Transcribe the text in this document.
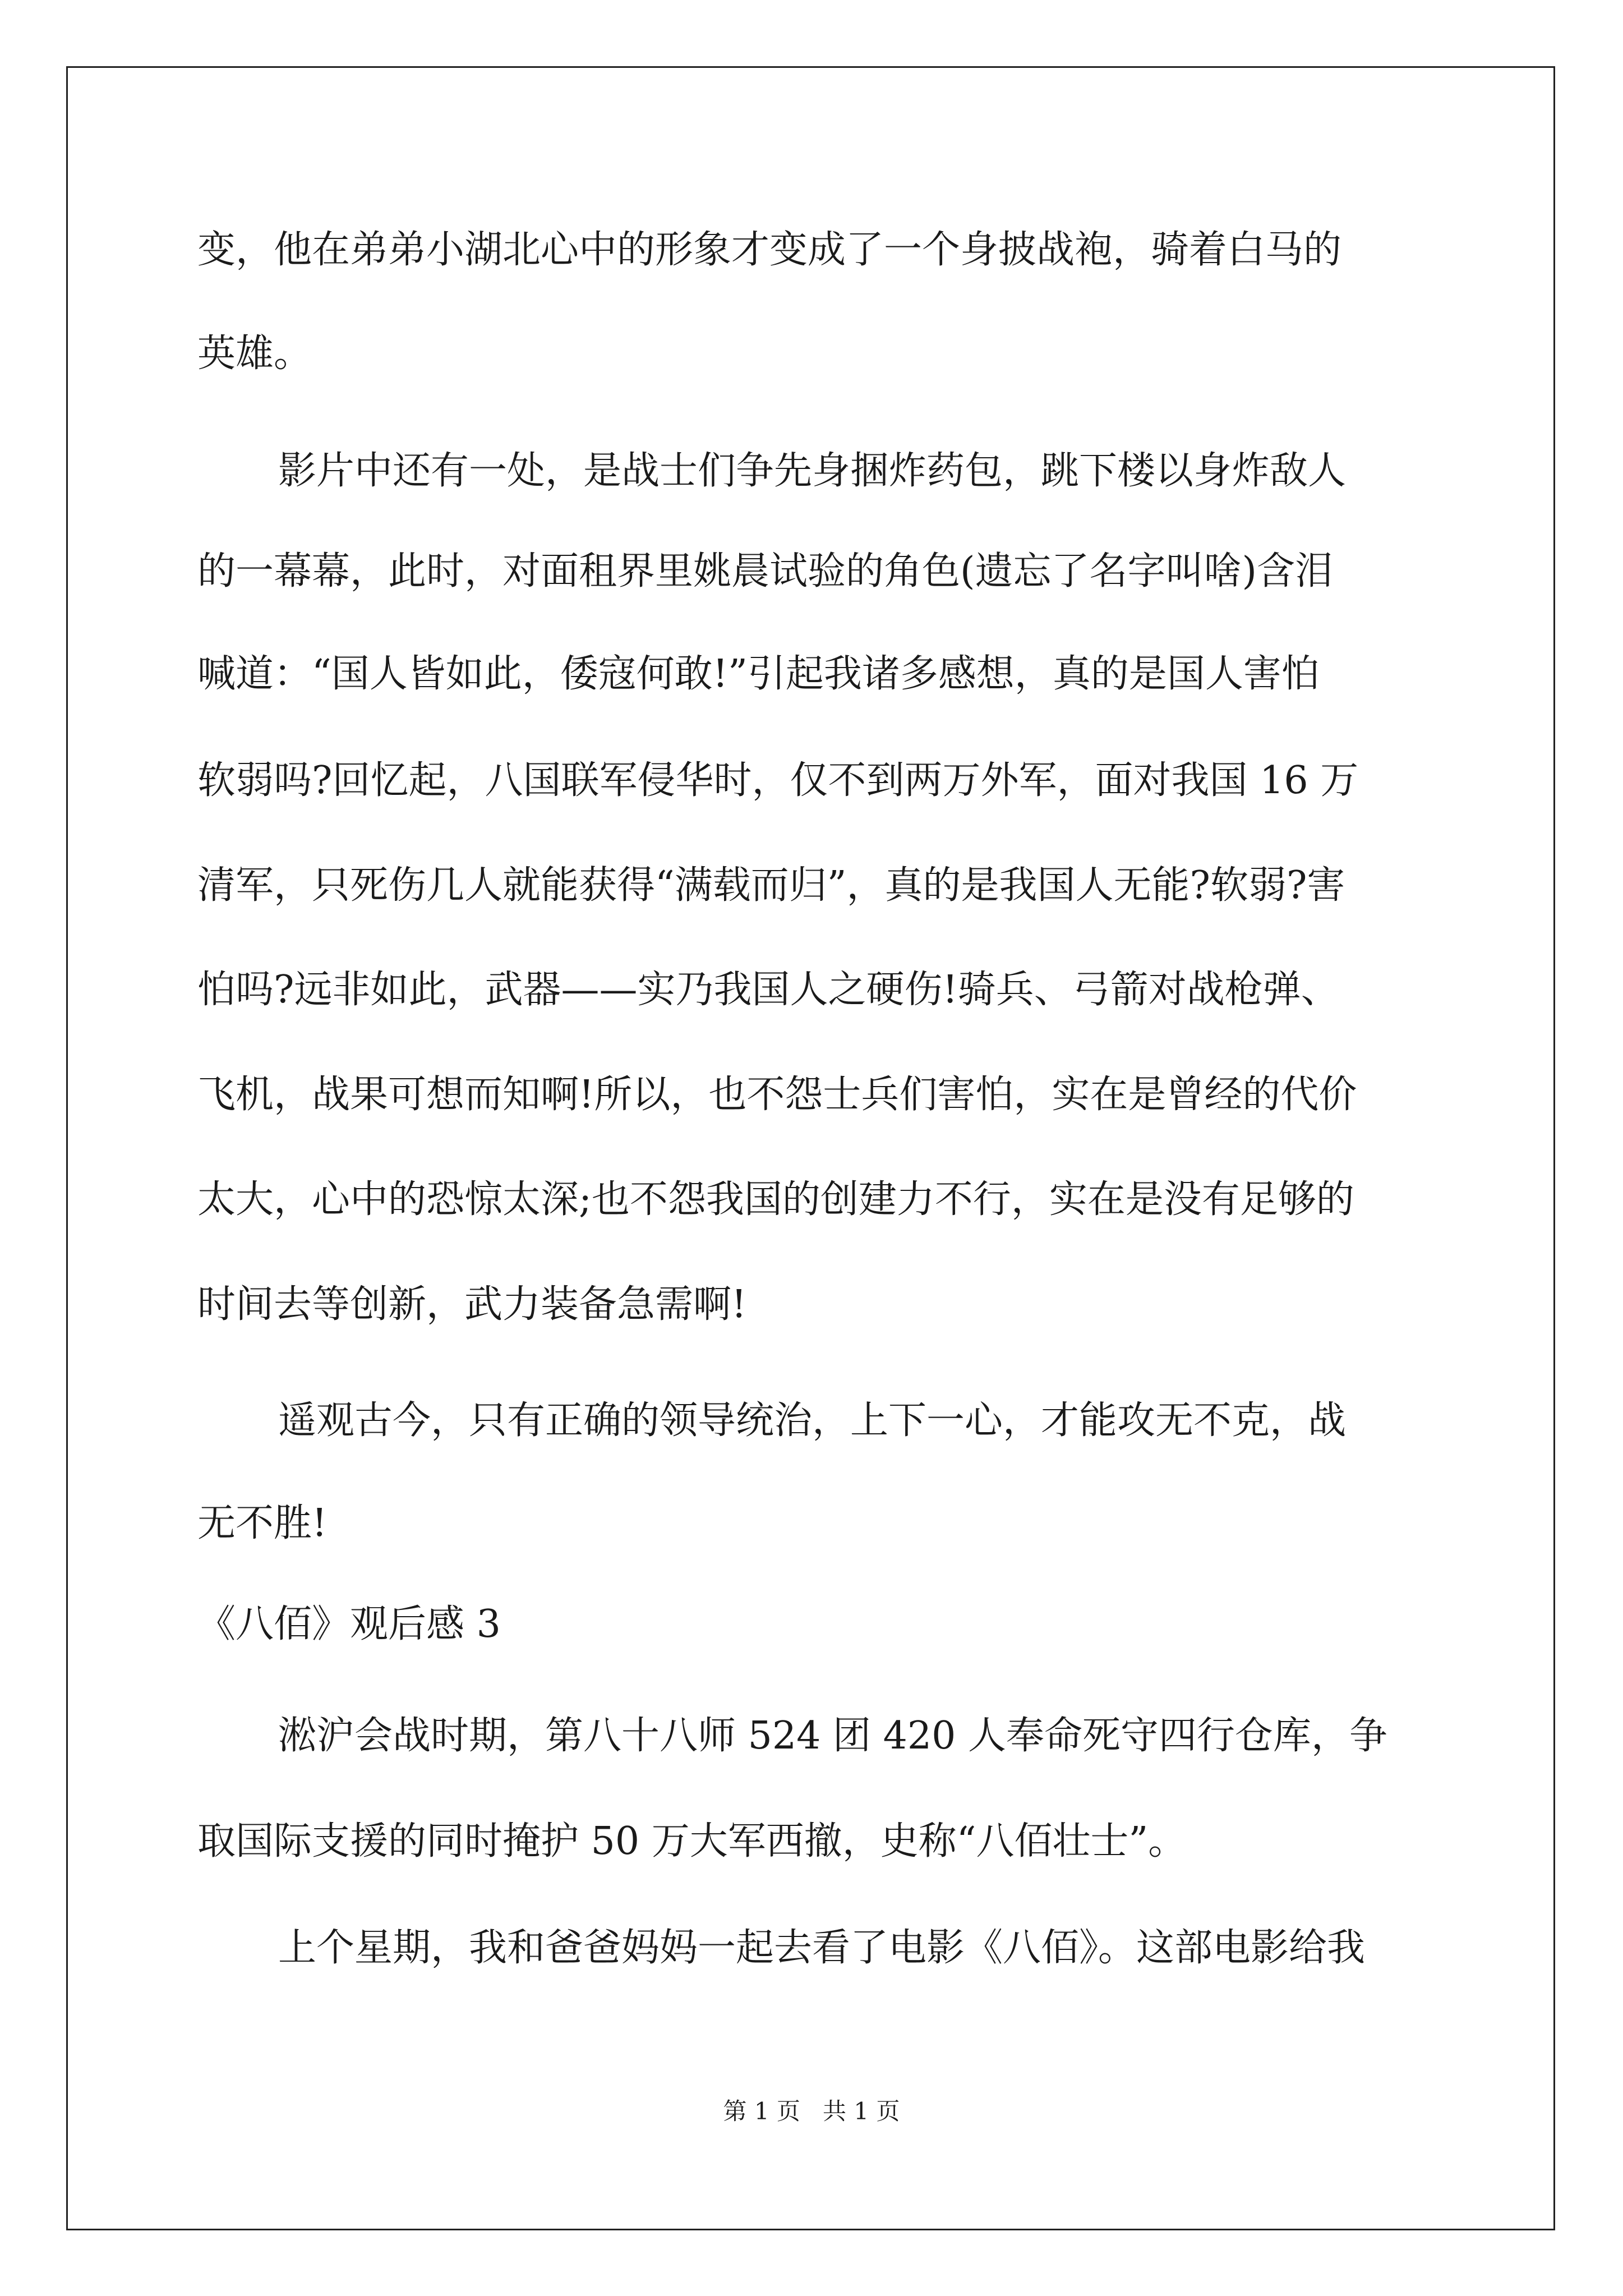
变，他在弟弟小湖北心中的形象才变成了一个身披战袍，骑着白马的
英雄。
影片中还有一处，是战士们争先身捆炸药包，跳下楼以身炸敌人
的一幕幕，此时，对面租界里姚晨试验的角色(遗忘了名字叫啥)含泪
喊道：“国人皆如此，倭寇何敢!”引起我诸多感想，真的是国人害怕
软弱吗?回忆起，八国联军侵华时，仅不到两万外军，面对我国 16 万
清军，只死伤几人就能获得“满载而归”，真的是我国人无能?软弱?害
怕吗?远非如此，武器——实乃我国人之硬伤!骑兵、弓箭对战枪弹、
飞机，战果可想而知啊!所以，也不怨士兵们害怕，实在是曾经的代价
太大，心中的恐惊太深;也不怨我国的创建力不行，实在是没有足够的
时间去等创新，武力装备急需啊!
遥观古今，只有正确的领导统治，上下一心，才能攻无不克，战
无不胜!
《八佰》观后感 3
淞沪会战时期，第八十八师 524 团 420 人奉命死守四行仓库，争
取国际支援的同时掩护 50 万大军西撤，史称“八佰壮士”。
上个星期，我和爸爸妈妈一起去看了电影《八佰》。这部电影给我
第 1 页   共 1 页
